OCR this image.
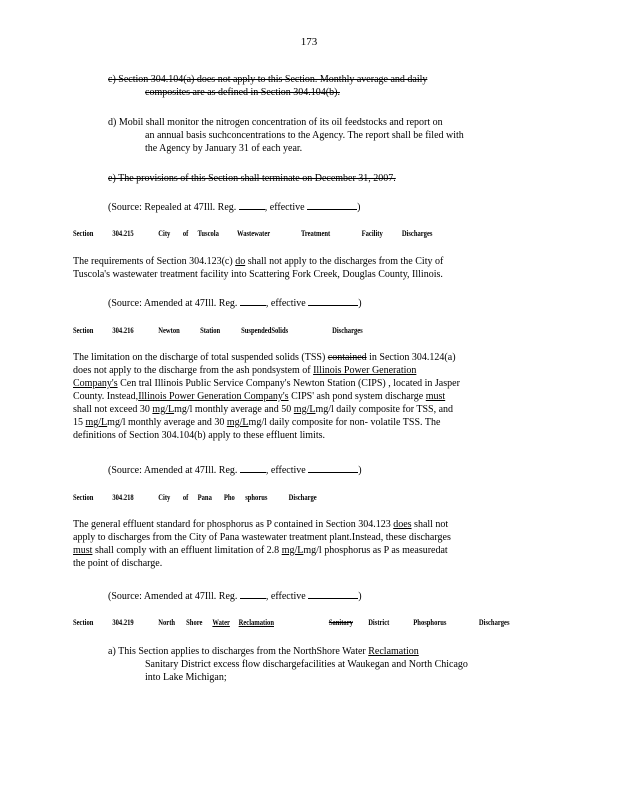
173
c) Section 304.104(a) does not apply to this Section. Monthly average and daily
composites are as defined in Section 304.104(b).
d) Mobil shall monitor the nitrogen concentration of its oil feedstocks and report on
an annual basis suchconcentrations to the Agency. The report shall be filed with
the Agency by January 31 of each year.
e) The provisions of this Section shall terminate on December 31, 2007.
(Source: Repealed at 47Ill. Reg.	, effective	)
Section 304.215	City of Tuscola Wastewater	Treatment	Facility Discharges
The requirements of Section 304.123(c) do shall not apply to the discharges from the City of
Tuscola's wastewater treatment facility into Scattering Fork Creek, Douglas County, Illinois.
(Source: Amended at 47Ill. Reg.	, effective	)
Section 304.216	Newton	Station	SuspendedSolids	Discharges
The limitation on the discharge of total suspended solids (TSS) contained in Section 304.124(a)
does not apply to the discharge from the ash pondsystem of Illinois Power Generation
Company's Cen tral Illinois Public Service Company's Newton Station (CIPS) , located in Jasper
County. Instead,Illinois Power Generation Company's CIPS' ash pond system discharge must
shall not exceed 30 mg/Lmg/l monthly average and 50 mg/Lmg/l daily composite for TSS, and
15 mg/Lmg/l monthly average and 30 mg/Lmg/l daily composite for non- volatile TSS. The
definitions of Section 304.104(b) apply to these effluent limits.
(Source: Amended at 47Ill. Reg.	, effective	)
Section 304.218	City of Pana Pho sphorus	Discharge
The general effluent standard for phosphorus as P contained in Section 304.123 does shall not
apply to discharges from the City of Pana wastewater treatment plant.Instead, these discharges
must shall comply with an effluent limitation of 2.8 mg/Lmg/l phosphorus as P as measuredat
the point of discharge.
(Source: Amended at 47Ill. Reg.	, effective	)
Section 304.219	North Shore Water Reclamation	Sanitary District	Phosphorus	Discharges
a) This Section applies to discharges from the NorthShore Water Reclamation
Sanitary District excess flow dischargefacilities at Waukegan and North Chicago
into Lake Michigan;
